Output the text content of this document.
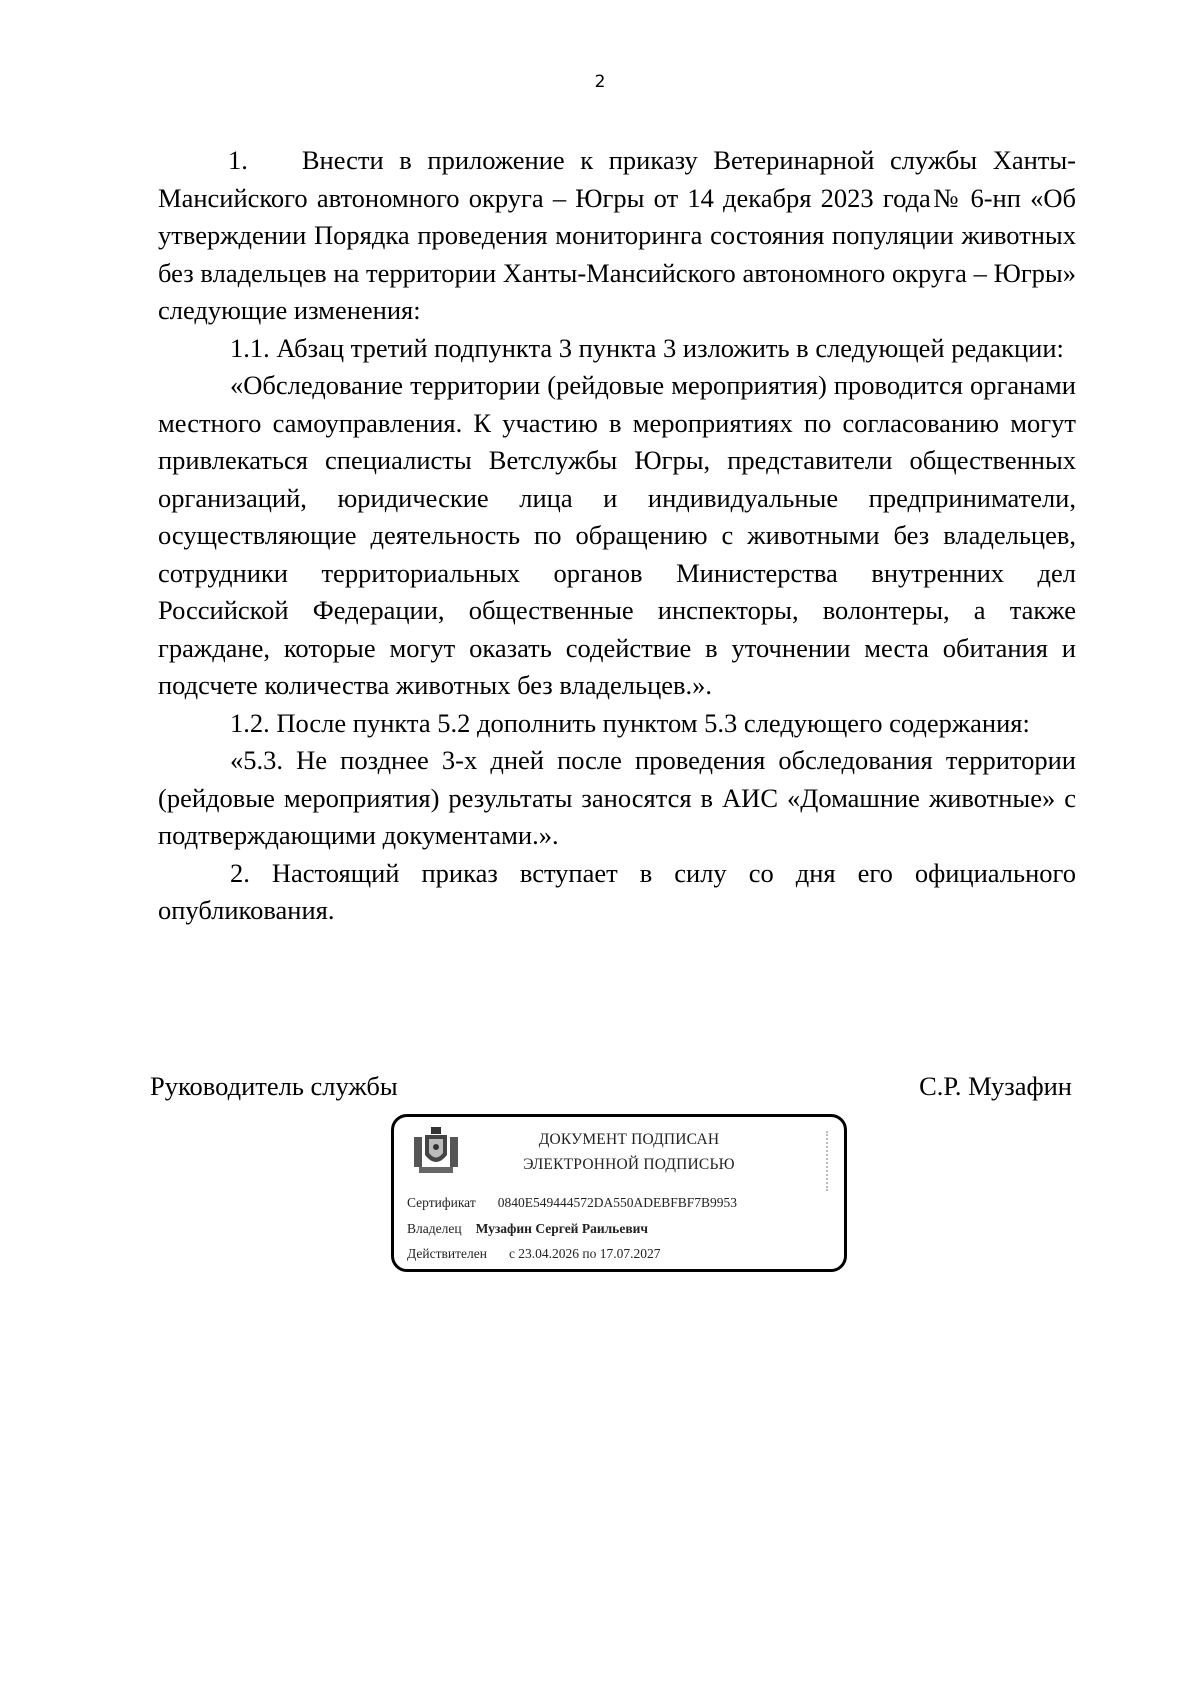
2

1. Внести в приложение к приказу Ветеринарной службы Ханты-Мансийского автономного округа – Югры от 14 декабря 2023 года№ 6-нп «Об утверждении Порядка проведения мониторинга состояния популяции животных без владельцев на территории Ханты-Мансийского автономного округа – Югры» следующие изменения:

1.1. Абзац третий подпункта 3 пункта 3 изложить в следующей редакции:

«Обследование территории (рейдовые мероприятия) проводится органами местного самоуправления. К участию в мероприятиях по согласованию могут привлекаться специалисты Ветслужбы Югры, представители общественных организаций, юридические лица и индивидуальные предприниматели, осуществляющие деятельность по обращению с животными без владельцев, сотрудники территориальных органов Министерства внутренних дел Российской Федерации, общественные инспекторы, волонтеры, а также граждане, которые могут оказать содействие в уточнении места обитания и подсчете количества животных без владельцев.».

1.2. После пункта 5.2 дополнить пунктом 5.3 следующего содержания:

«5.3. Не позднее 3-х дней после проведения обследования территории (рейдовые мероприятия) результаты заносятся в АИС «Домашние животные» с подтверждающими документами.».

2. Настоящий приказ вступает в силу со дня его официального опубликования.

Руководитель службы	С.Р. Музафин
ДОКУМЕНТ ПОДПИСАН
ЭЛЕКТРОННОЙ ПОДПИСЬЮ
Сертификат 0840E549444572DA550ADEBFBF7B9953
Владелец Музафин Сергей Раильевич
Действителен с 23.04.2026 по 17.07.2027
